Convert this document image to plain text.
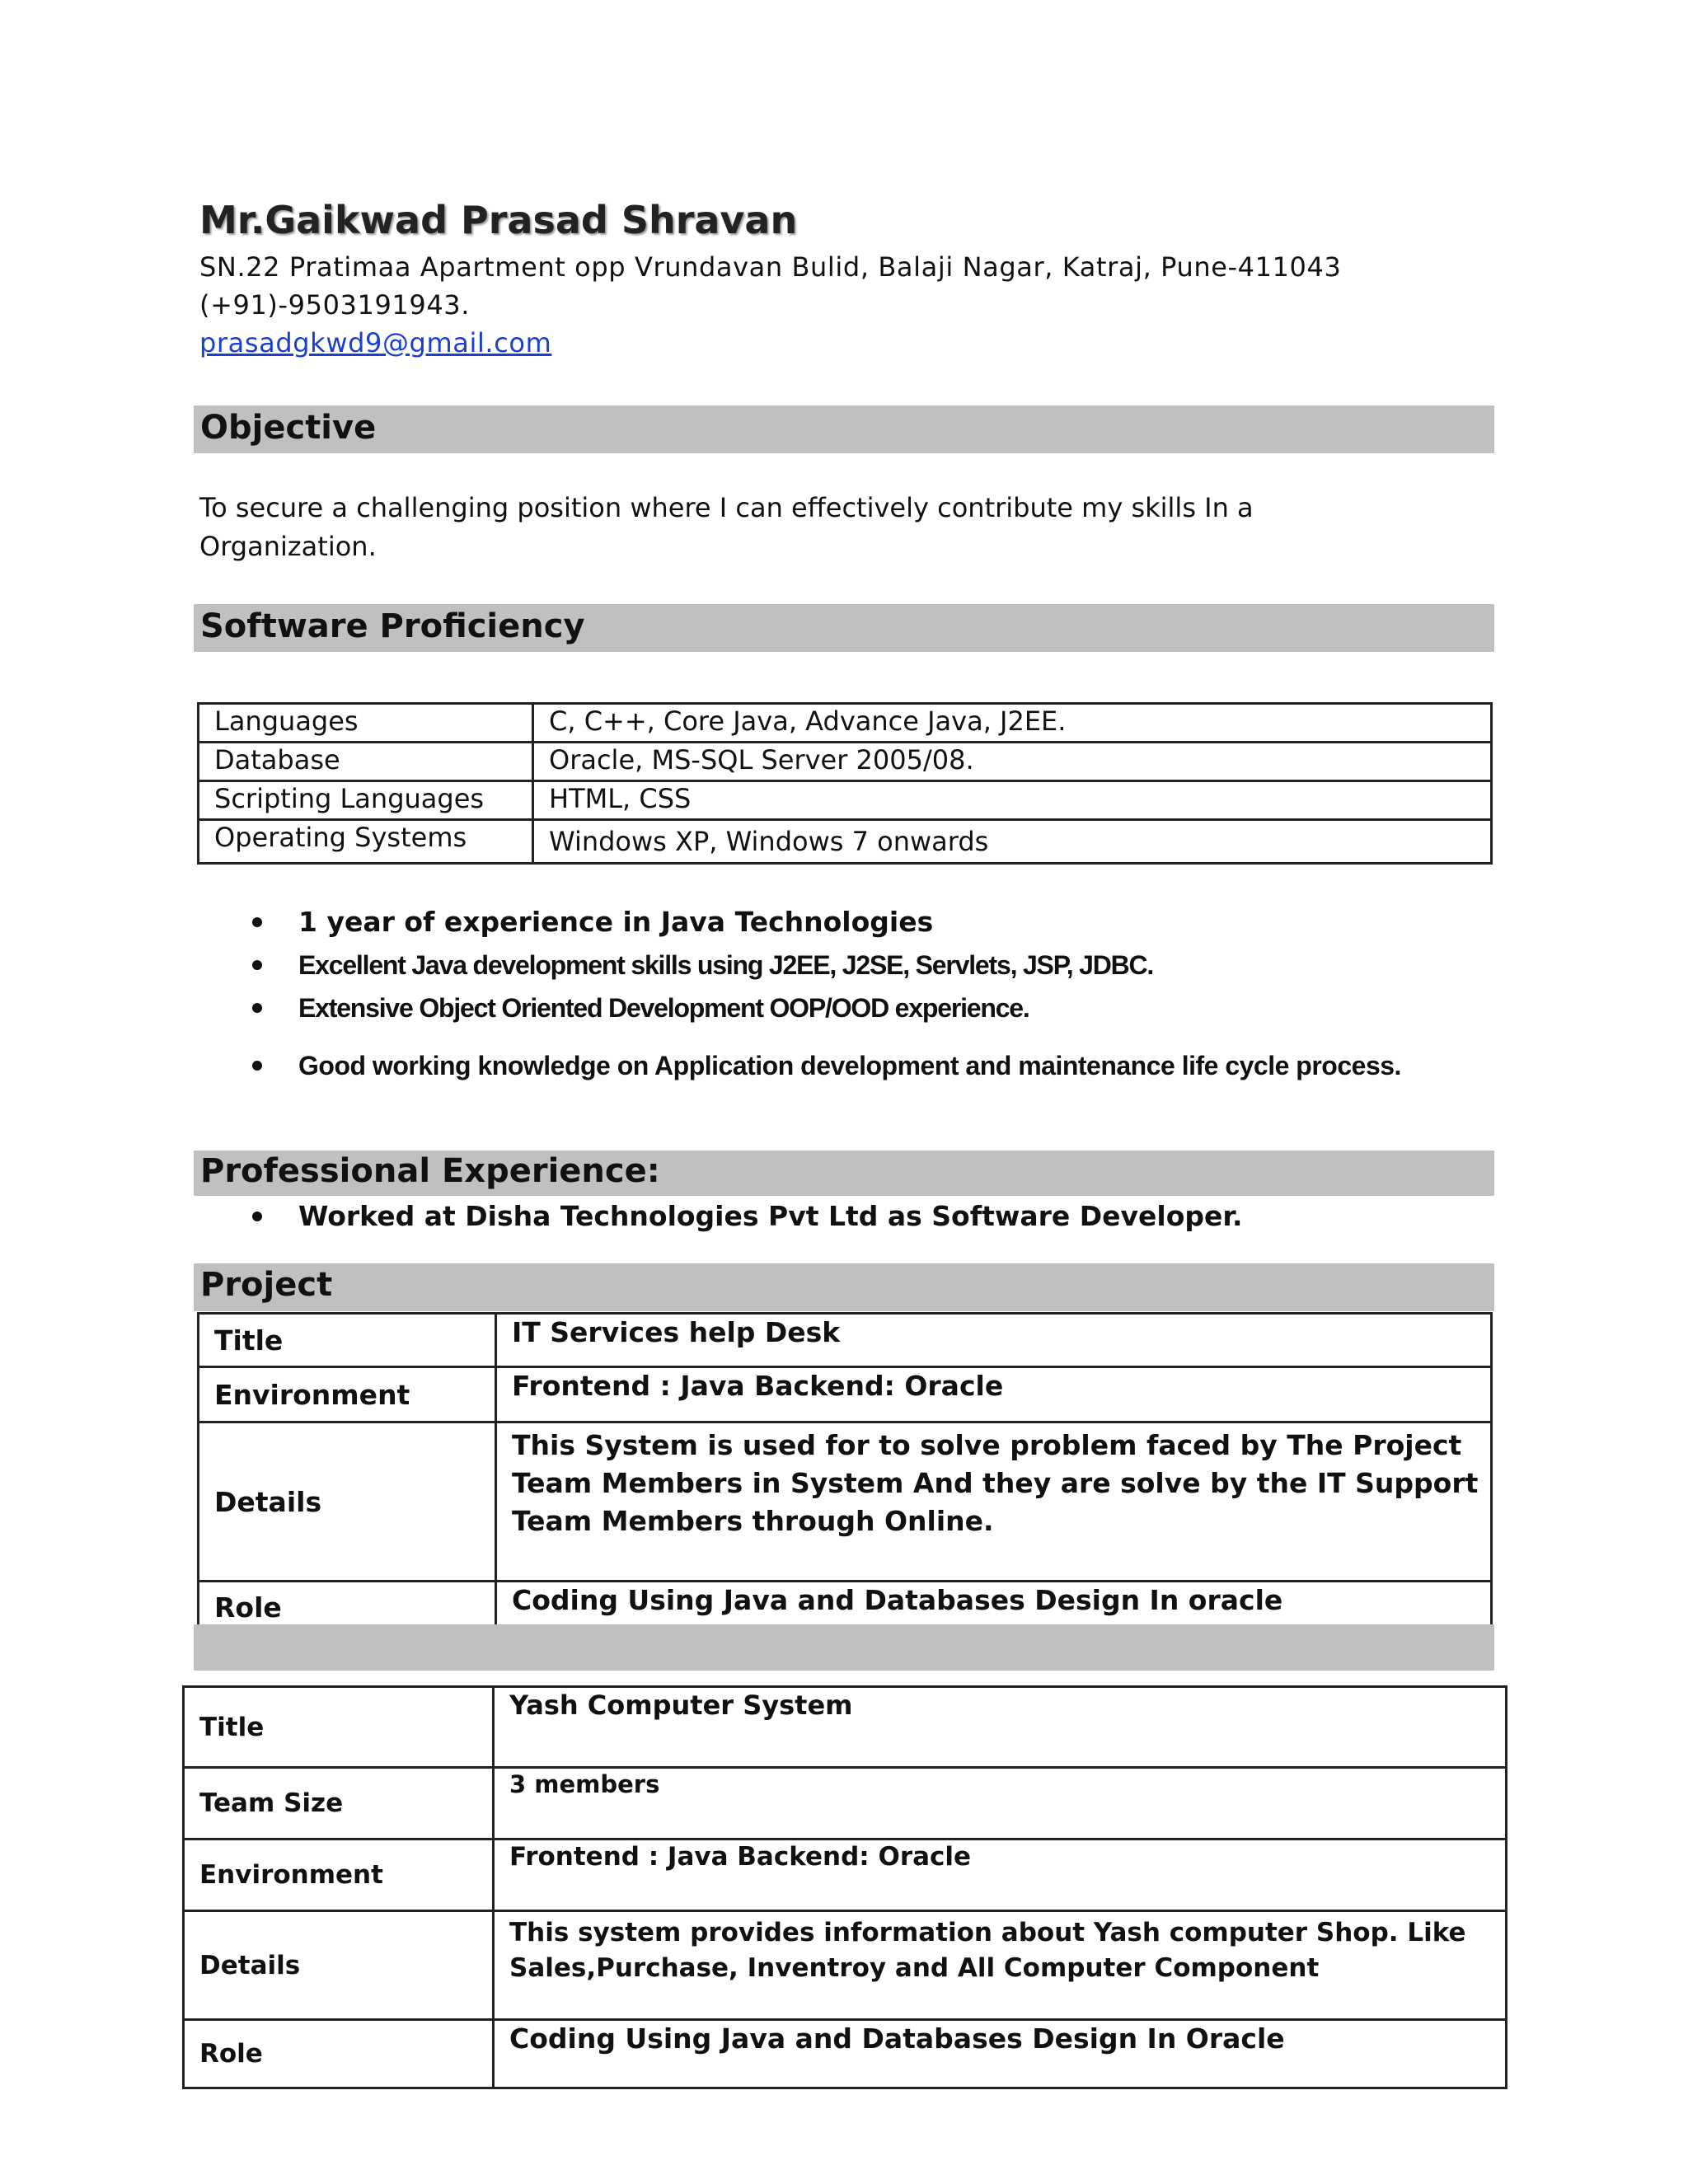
Mr.Gaikwad Prasad Shravan
SN.22 Pratimaa Apartment opp Vrundavan Bulid, Balaji Nagar, Katraj, Pune-411043
(+91)-9503191943.
prasadgkwd9@gmail.com
Objective
To secure a challenging position where I can effectively contribute my skills In a Organization.
Software Proficiency
Languages	C, C++, Core Java, Advance Java, J2EE.
Database	Oracle, MS-SQL Server 2005/08.
Scripting Languages	HTML, CSS
Operating Systems	Windows XP, Windows 7 onwards
1 year of experience in Java Technologies
Excellent Java development skills using J2EE, J2SE, Servlets, JSP, JDBC.
Extensive Object Oriented Development OOP/OOD experience.
Good working knowledge on Application development and maintenance life cycle process.
Professional Experience:
Worked at Disha Technologies Pvt Ltd as Software Developer.
Project
Title	IT Services help Desk
Environment	Frontend : Java Backend: Oracle
Details	This System is used for to solve problem faced by The Project Team Members in System And they are solve by the IT Support Team Members through Online.
Role	Coding Using Java and Databases Design In oracle
Title	Yash Computer System
Team Size	3 members
Environment	Frontend : Java Backend: Oracle
Details	This system provides information about Yash computer Shop. Like Sales,Purchase, Inventroy and All Computer Component
Role	Coding Using Java and Databases Design In Oracle
